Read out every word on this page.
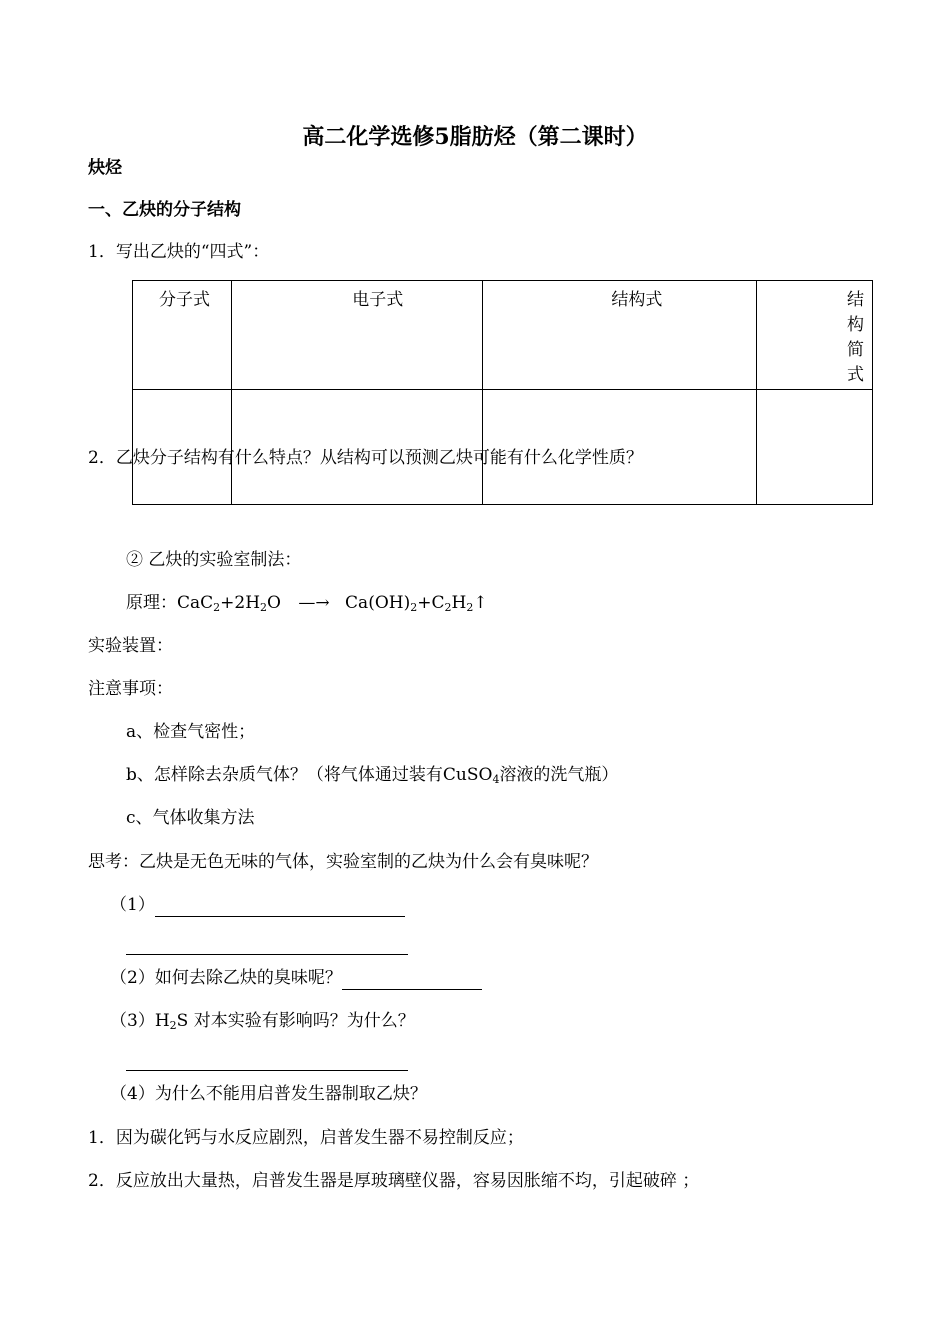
高二化学选修5脂肪烃（第二课时）
炔烃
一、乙炔的分子结构
1．写出乙炔的“四式”：
分子式	电子式	结构式	结构简式

2．乙炔分子结构有什么特点？从结构可以预测乙炔可能有什么化学性质？
② 乙炔的实验室制法：
原理：$CaC_2+2H_2O$ —→ $Ca(OH)_2+C_2H_2↑$
实验装置：
注意事项：
a、检查气密性；
b、怎样除去杂质气体？（将气体通过装有CuSO$_4$溶液的洗气瓶）
c、气体收集方法
思考：乙炔是无色无味的气体，实验室制的乙炔为什么会有臭味呢？
（1）
（2）如何去除乙炔的臭味呢？
$(3)H_2S$ 对本实验有影响吗？为什么？
（4）为什么不能用启普发生器制取乙炔？
1．因为碳化钙与水反应剧烈，启普发生器不易控制反应；
2．反应放出大量热，启普发生器是厚玻璃壁仪器，容易因胀缩不均，引起破碎 ；
